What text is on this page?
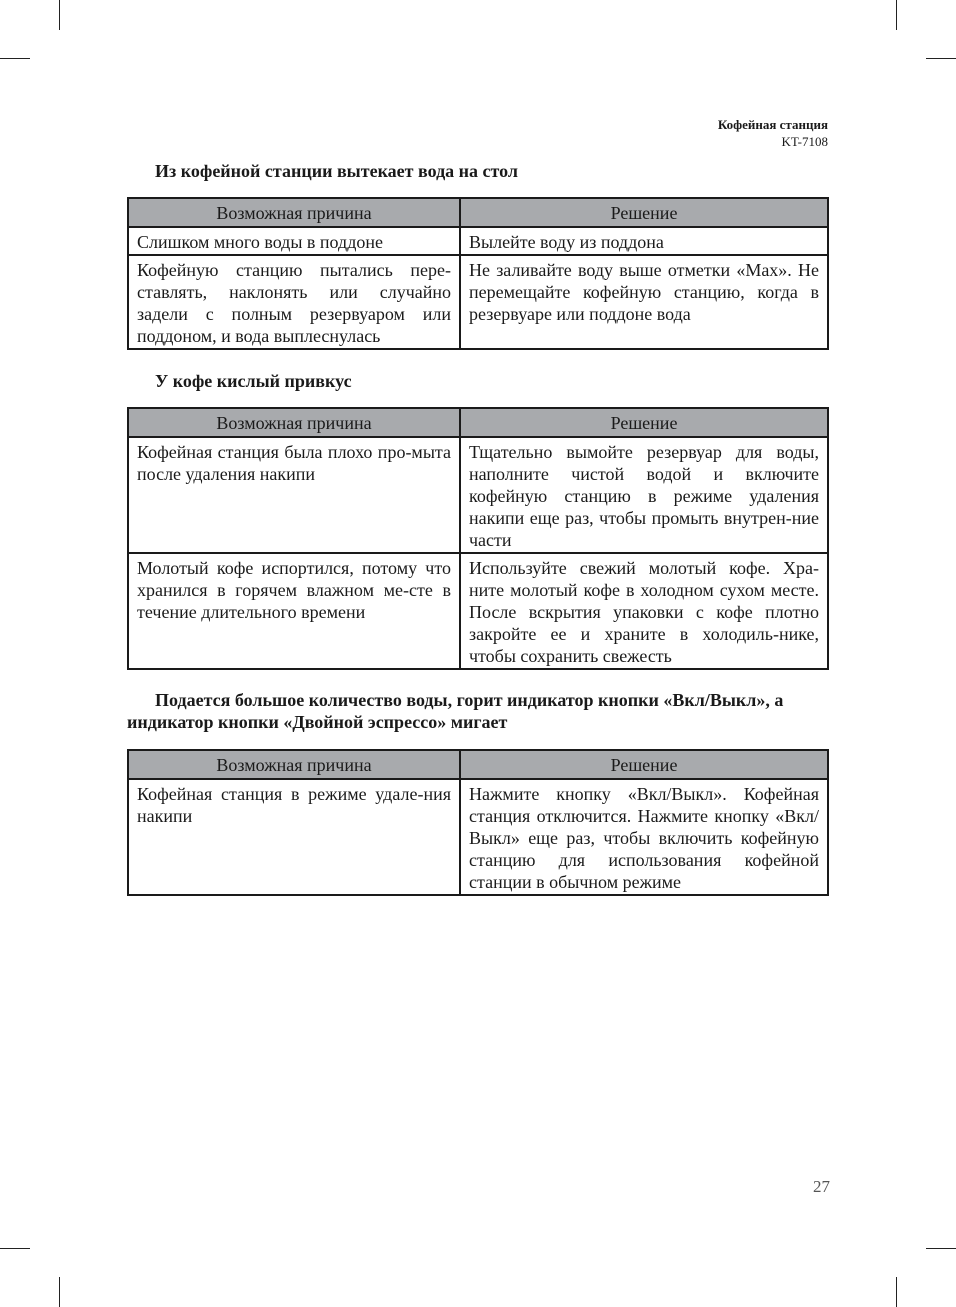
Кофейная станция
KT-7108
Из кофейной станции вытекает вода на стол
Возможная причина	Решение
Слишком много воды в поддоне	Вылейте воду из поддона
Кофейную станцию пытались пере-ставлять, наклонять или случайно задели с полным резервуаром или поддоном, и вода выплеснулась	Не заливайте воду выше отметки «Max». Не перемещайте кофейную станцию, когда в резервуаре или поддоне вода
У кофе кислый привкус
Возможная причина	Решение
Кофейная станция была плохо про-мыта после удаления накипи	Тщательно вымойте резервуар для воды, наполните чистой водой и включите кофейную станцию в режиме удаления накипи еще раз, чтобы промыть внутрен-ние части
Молотый кофе испортился, потому что хранился в горячем влажном ме-сте в течение длительного времени	Используйте свежий молотый кофе. Хра-ните молотый кофе в холодном сухом месте. После вскрытия упаковки с кофе плотно закройте ее и храните в холодиль-нике, чтобы сохранить свежесть
Подается большое количество воды, горит индикатор кнопки «Вкл/Выкл», а индикатор кнопки «Двойной эспрессо» мигает
Возможная причина	Решение
Кофейная станция в режиме удале-ния накипи	Нажмите кнопку «Вкл/Выкл». Кофейная станция отключится. Нажмите кнопку «Вкл/Выкл» еще раз, чтобы включить кофейную станцию для использования кофейной станции в обычном режиме
27
